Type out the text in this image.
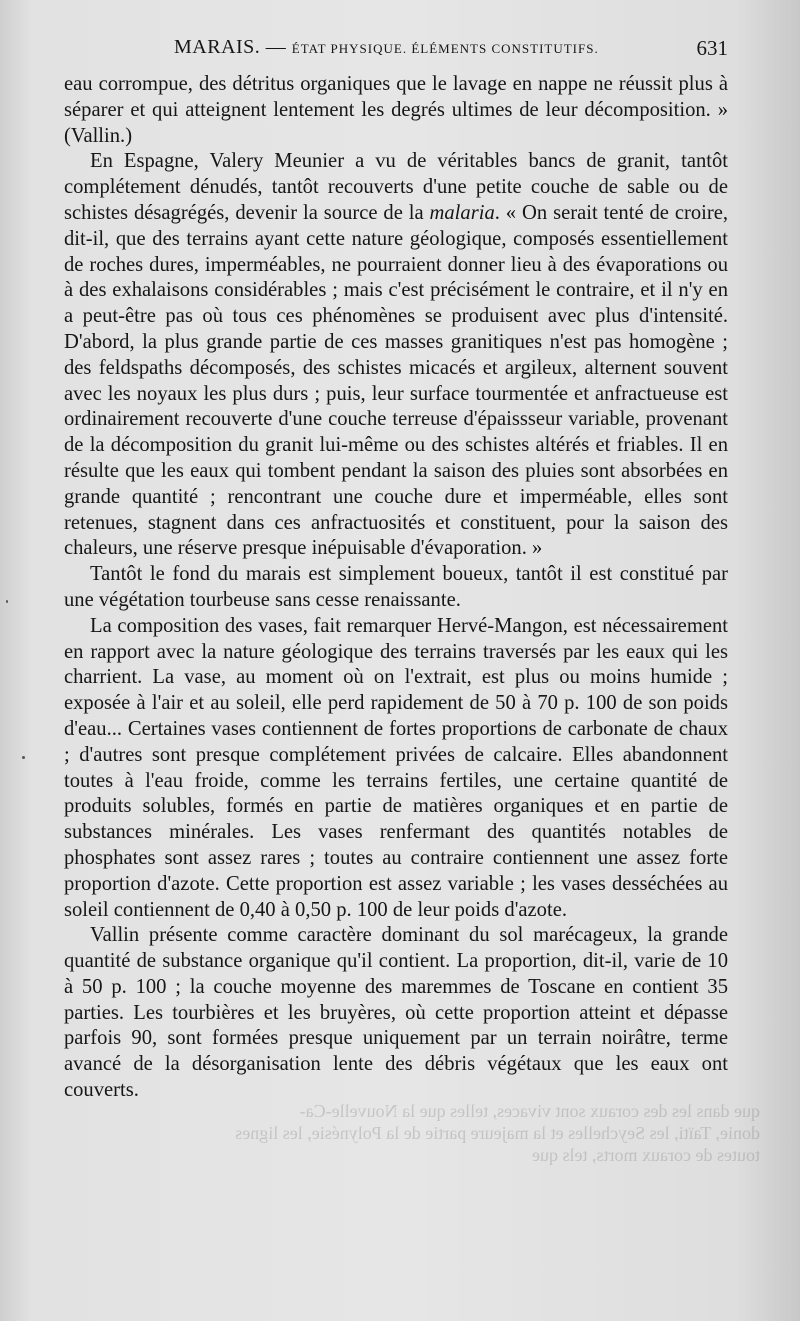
MARAIS. — ÉTAT PHYSIQUE. ÉLÉMENTS CONSTITUTIFS.	631

eau corrompue, des détritus organiques que le lavage en nappe ne réussit plus à séparer et qui atteignent lentement les degrés ultimes de leur décomposition. » (Vallin.)

En Espagne, Valery Meunier a vu de véritables bancs de granit, tantôt complétement dénudés, tantôt recouverts d'une petite couche de sable ou de schistes désagrégés, devenir la source de la malaria. « On serait tenté de croire, dit-il, que des terrains ayant cette nature géologique, composés essentiellement de roches dures, imperméables, ne pourraient donner lieu à des évaporations ou à des exhalaisons considérables ; mais c'est précisément le contraire, et il n'y en a peut-être pas où tous ces phénomènes se produisent avec plus d'intensité. D'abord, la plus grande partie de ces masses granitiques n'est pas homogène ; des feldspaths décomposés, des schistes micacés et argileux, alternent souvent avec les noyaux les plus durs ; puis, leur surface tourmentée et anfractueuse est ordinairement recouverte d'une couche terreuse d'épaissseur variable, provenant de la décomposition du granit lui-même ou des schistes altérés et friables. Il en résulte que les eaux qui tombent pendant la saison des pluies sont absorbées en grande quantité ; rencontrant une couche dure et imperméable, elles sont retenues, stagnent dans ces anfractuosités et constituent, pour la saison des chaleurs, une réserve presque inépuisable d'évaporation. »

Tantôt le fond du marais est simplement boueux, tantôt il est constitué par une végétation tourbeuse sans cesse renaissante.

La composition des vases, fait remarquer Hervé-Mangon, est nécessairement en rapport avec la nature géologique des terrains traversés par les eaux qui les charrient. La vase, au moment où on l'extrait, est plus ou moins humide ; exposée à l'air et au soleil, elle perd rapidement de 50 à 70 p. 100 de son poids d'eau... Certaines vases contiennent de fortes proportions de carbonate de chaux ; d'autres sont presque complétement privées de calcaire. Elles abandonnent toutes à l'eau froide, comme les terrains fertiles, une certaine quantité de produits solubles, formés en partie de matières organiques et en partie de substances minérales. Les vases renfermant des quantités notables de phosphates sont assez rares ; toutes au contraire contiennent une assez forte proportion d'azote. Cette proportion est assez variable ; les vases desséchées au soleil contiennent de 0,40 à 0,50 p. 100 de leur poids d'azote.

Vallin présente comme caractère dominant du sol marécageux, la grande quantité de substance organique qu'il contient. La proportion, dit-il, varie de 10 à 50 p. 100 ; la couche moyenne des maremmes de Toscane en contient 35 parties. Les tourbières et les bruyères, où cette proportion atteint et dépasse parfois 90, sont formées presque uniquement par un terrain noirâtre, terme avancé de la désorganisation lente des débris végétaux que les eaux ont couverts.

que dans les des coraux sont vivaces, telles que la Nouvelle-Ca-
donie, Taïti, les Seychelles et la majeure partie de la Polynésie, les lignes
toutes de coraux morts, tels que
